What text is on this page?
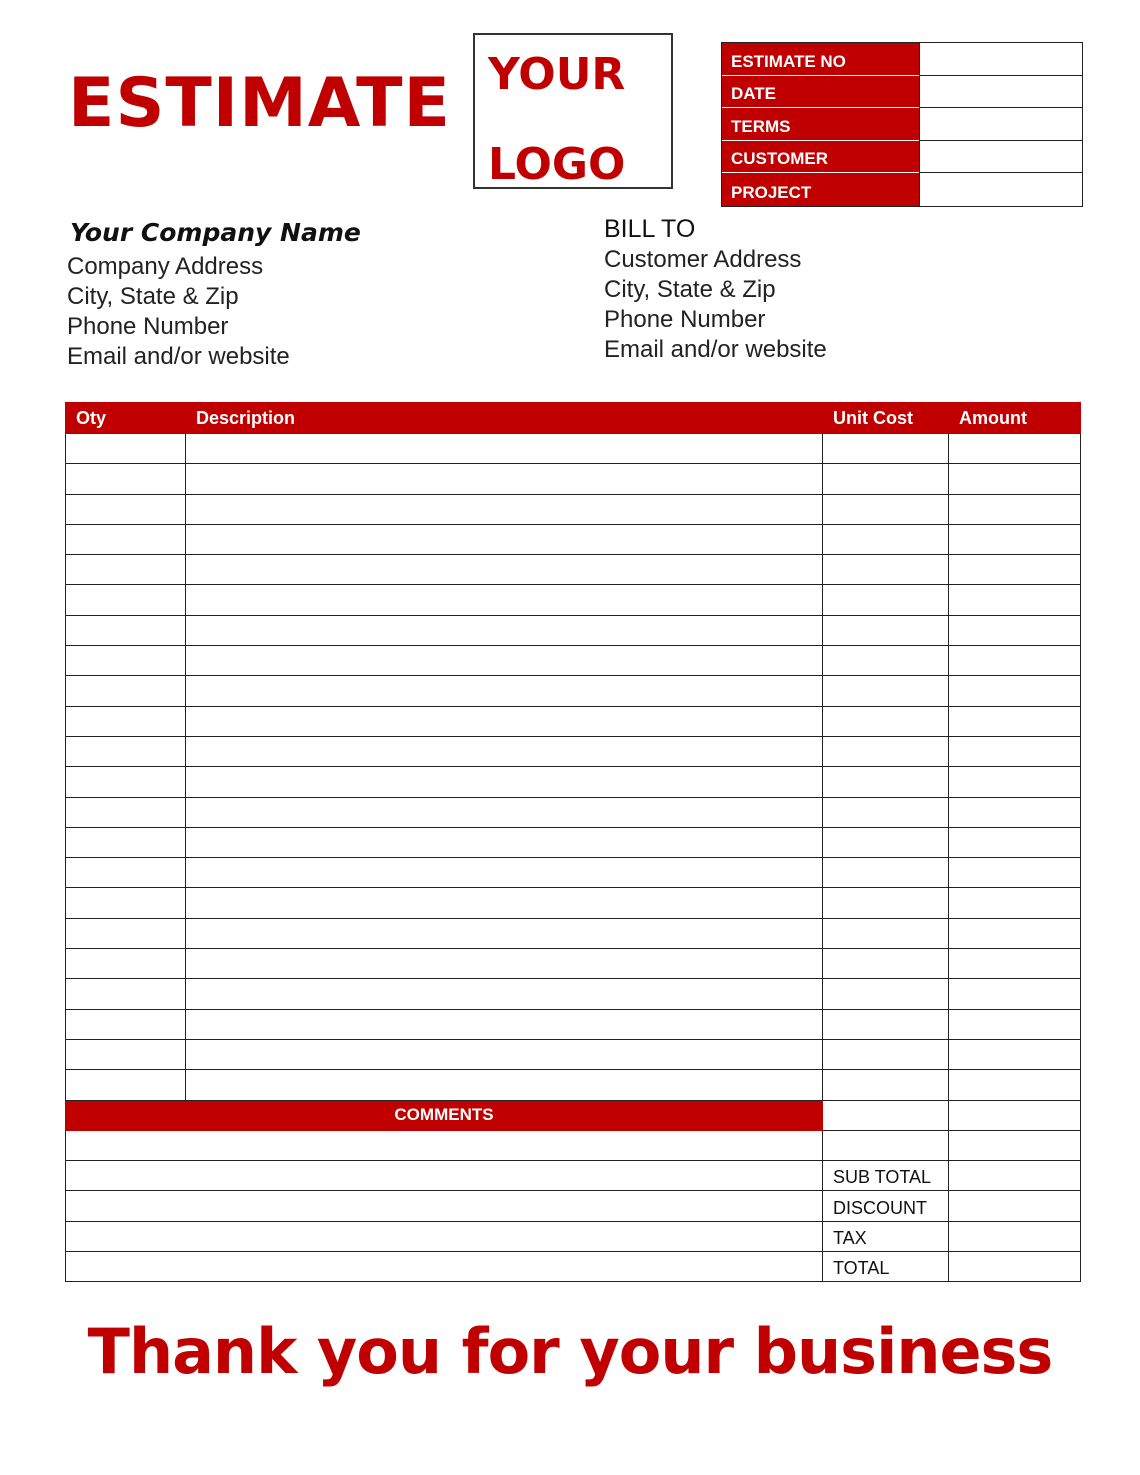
ESTIMATE YOUR
LOGO
ESTIMATE NO
DATE
TERMS
CUSTOMER
PROJECT
Your Company Name
Company Address
City, State & Zip
Phone Number
Email and/or website
BILL TO
Customer Address
City, State & Zip
Phone Number
Email and/or website
Oty	Description	Unit Cost	Amount

COMMENTS			

		SUB TOTAL	
		DISCOUNT	
		TAX	
		TOTAL	
Thank you for your business
